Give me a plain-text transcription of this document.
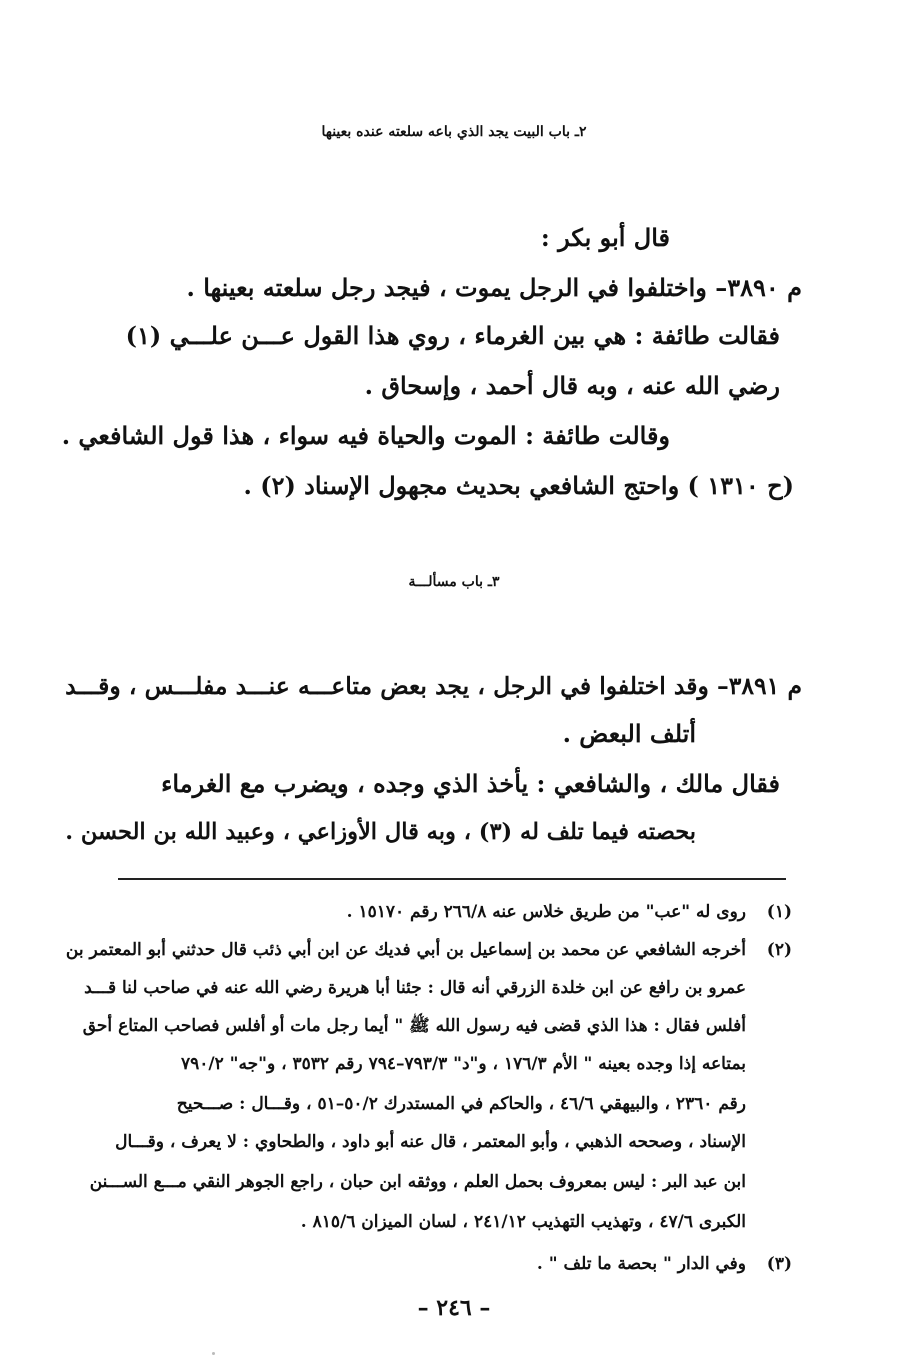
٢ـ باب البيت يجد الذي باعه سلعته عنده بعينها
قال أبو بكر :
م ٣٨٩٠– واختلفوا في الرجل يموت ، فيجد رجل سلعته بعينها .
فقالت طائفة : هي بين الغرماء ، روي هذا القول عـــن علـــي (١)
رضي الله عنه ، وبه قال أحمد ، وإسحاق .
وقالت طائفة : الموت والحياة فيه سواء ، هذا قول الشافعي .
(ح ١٣١٠ ) واحتج الشافعي بحديث مجهول الإسناد (٢) .
٣ـ باب مسألـــة
م ٣٨٩١– وقد اختلفوا في الرجل ، يجد بعض متاعـــه عنـــد مفلـــس ، وقـــد
أتلف البعض .
فقال مالك ، والشافعي : يأخذ الذي وجده ، ويضرب مع الغرماء
بحصته فيما تلف له (٣) ، وبه قال الأوزاعي ، وعبيد الله بن الحسن .
(١)
روى له "عب" من طريق خلاس عنه ٢٦٦/٨ رقم ١٥١٧٠ .
(٢)
أخرجه الشافعي عن محمد بن إسماعيل بن أبي فديك عن ابن أبي ذئب قال حدثني أبو المعتمر بن
عمرو بن رافع عن ابن خلدة الزرقي أنه قال : جئنا أبا هريرة رضي الله عنه في صاحب لنا قـــد
أفلس فقال : هذا الذي قضى فيه رسول الله ﷺ " أيما رجل مات أو أفلس فصاحب المتاع أحق
بمتاعه إذا وجده بعينه " الأم ١٧٦/٣ ، و"د" ٧٩٣/٣–٧٩٤ رقم ٣٥٣٢ ، و"جه" ٧٩٠/٢
رقم ٢٣٦٠ ، والبيهقي ٤٦/٦ ، والحاكم في المستدرك ٥٠/٢–٥١ ، وقـــال : صـــحيح
الإسناد ، وصححه الذهبي ، وأبو المعتمر ، قال عنه أبو داود ، والطحاوي : لا يعرف ، وقـــال
ابن عبد البر : ليس بمعروف بحمل العلم ، ووثقه ابن حبان ، راجع الجوهر النقي مـــع الســـنن
الكبرى ٤٧/٦ ، وتهذيب التهذيب ٢٤١/١٢ ، لسان الميزان ٨١٥/٦ .
(٣)
وفي الدار " بحصة ما تلف " .
– ٢٤٦ –
